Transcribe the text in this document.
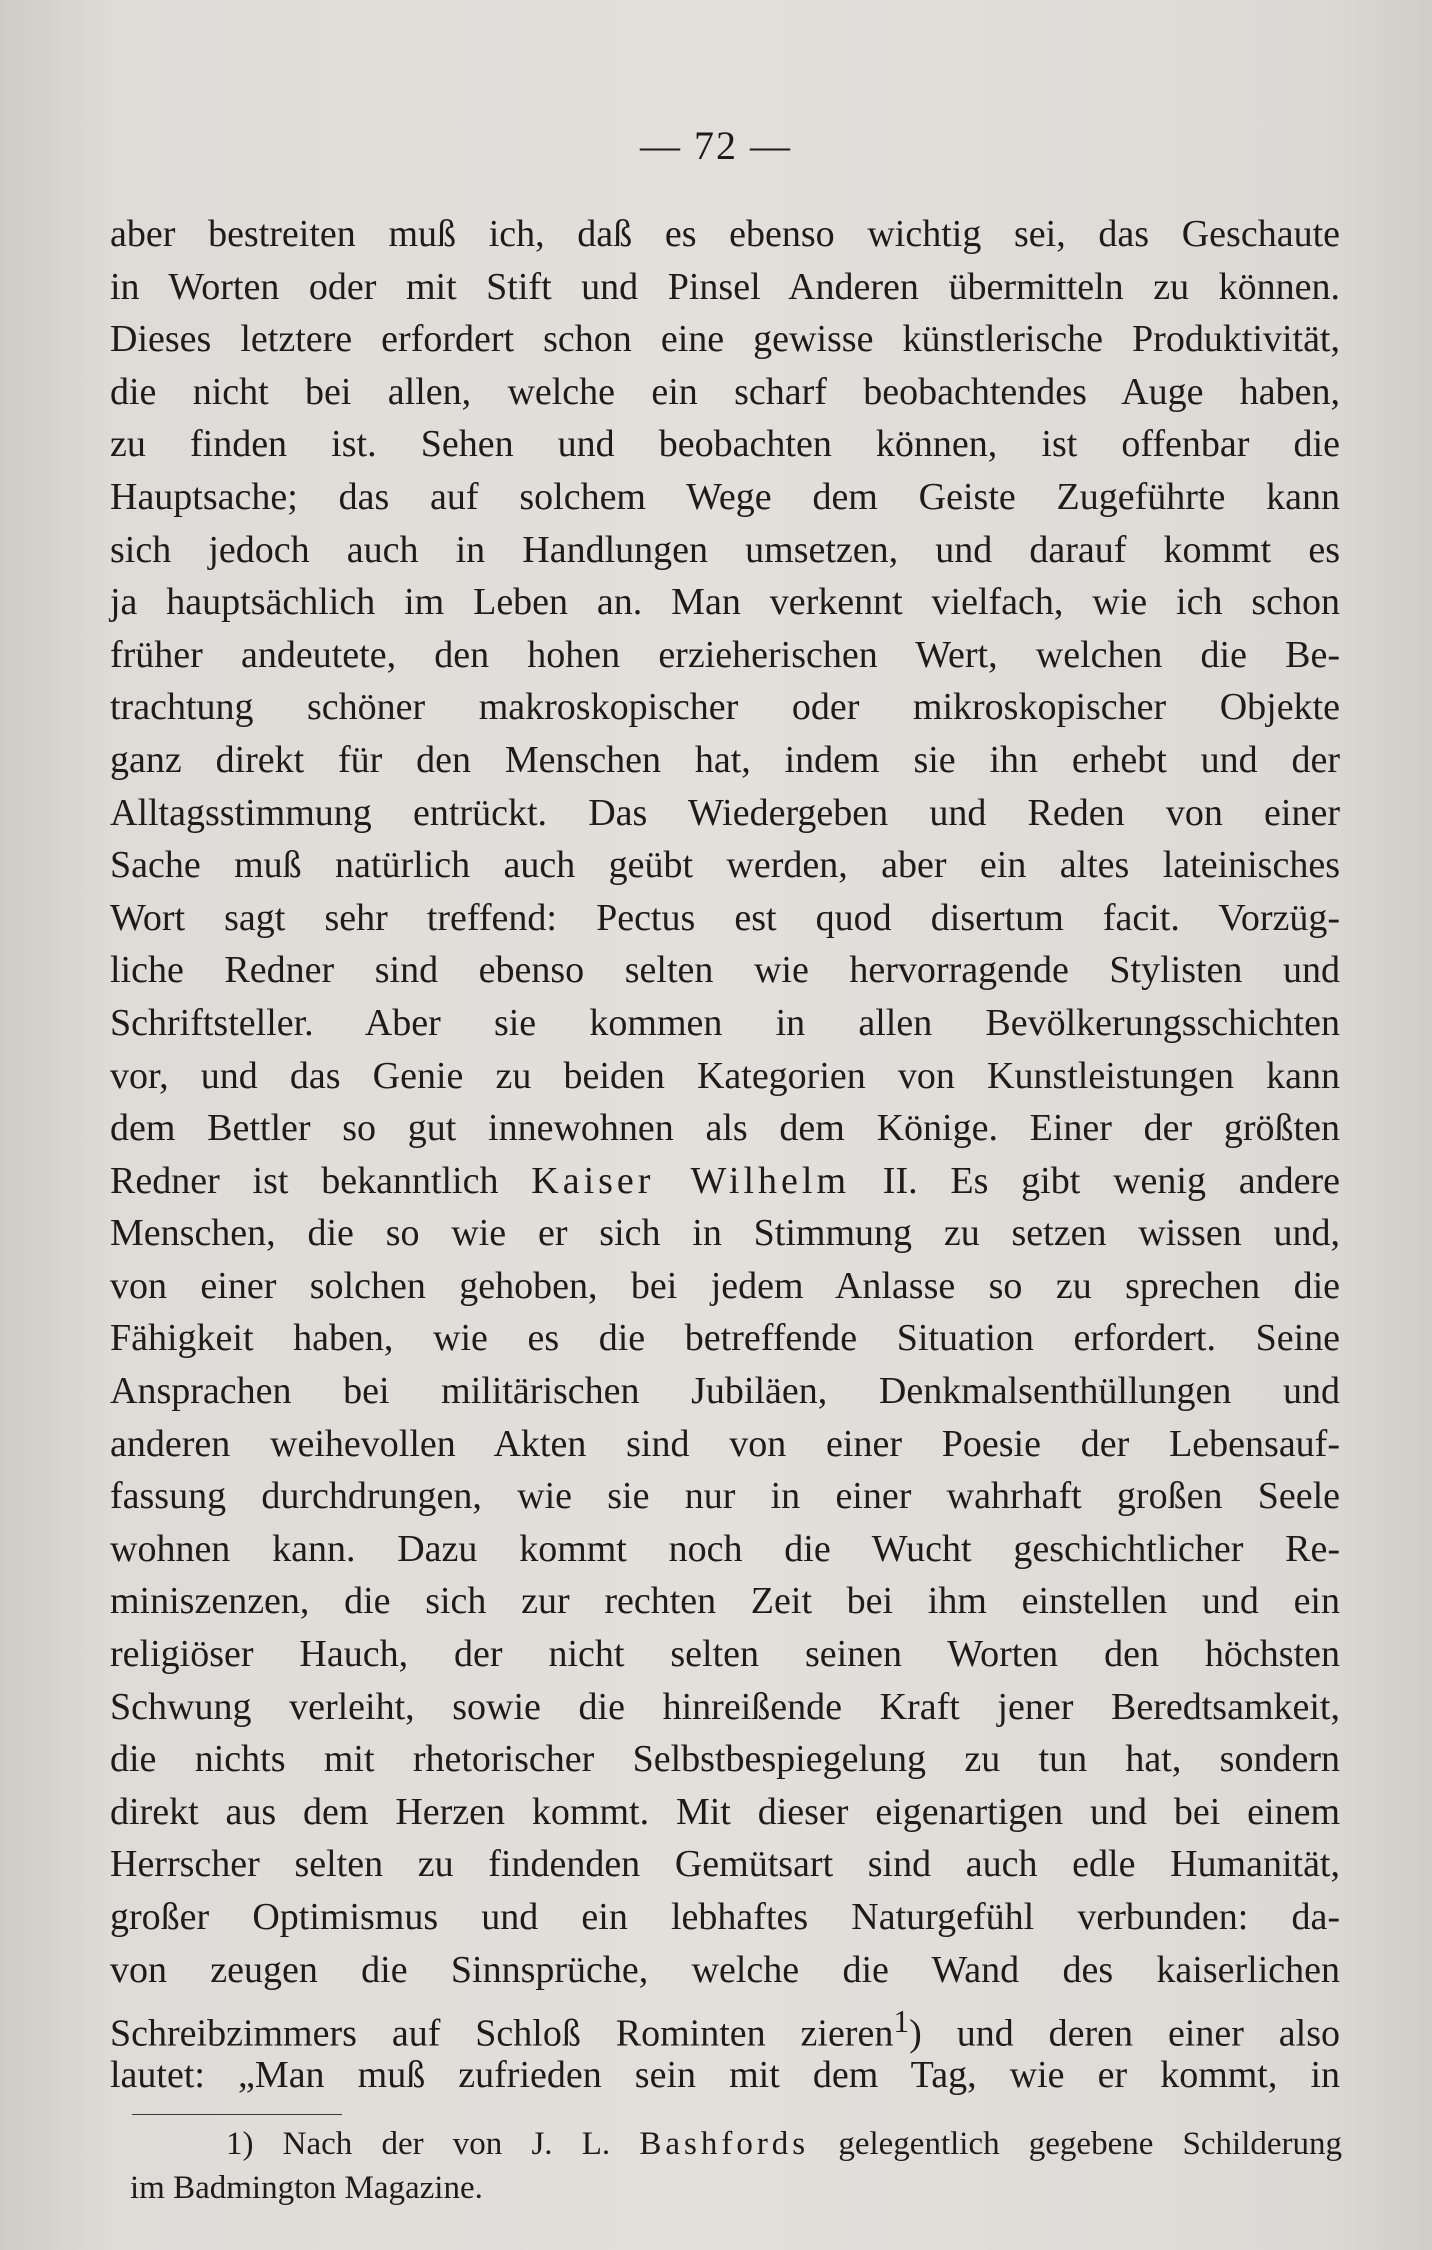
— 72 —
aber bestreiten muß ich, daß es ebenso wichtig sei, das Geschaute
in Worten oder mit Stift und Pinsel Anderen übermitteln zu können.
Dieses letztere erfordert schon eine gewisse künstlerische Produktivität,
die nicht bei allen, welche ein scharf beobachtendes Auge haben,
zu finden ist. Sehen und beobachten können, ist offenbar die
Hauptsache; das auf solchem Wege dem Geiste Zugeführte kann
sich jedoch auch in Handlungen umsetzen, und darauf kommt es
ja hauptsächlich im Leben an. Man verkennt vielfach, wie ich schon
früher andeutete, den hohen erzieherischen Wert, welchen die Be-
trachtung schöner makroskopischer oder mikroskopischer Objekte
ganz direkt für den Menschen hat, indem sie ihn erhebt und der
Alltagsstimmung entrückt. Das Wiedergeben und Reden von einer
Sache muß natürlich auch geübt werden, aber ein altes lateinisches
Wort sagt sehr treffend: Pectus est quod disertum facit. Vorzüg-
liche Redner sind ebenso selten wie hervorragende Stylisten und
Schriftsteller. Aber sie kommen in allen Bevölkerungsschichten
vor, und das Genie zu beiden Kategorien von Kunstleistungen kann
dem Bettler so gut innewohnen als dem Könige. Einer der größten
Redner ist bekanntlich Kaiser Wilhelm II. Es gibt wenig andere
Menschen, die so wie er sich in Stimmung zu setzen wissen und,
von einer solchen gehoben, bei jedem Anlasse so zu sprechen die
Fähigkeit haben, wie es die betreffende Situation erfordert. Seine
Ansprachen bei militärischen Jubiläen, Denkmalsenthüllungen und
anderen weihevollen Akten sind von einer Poesie der Lebensauf-
fassung durchdrungen, wie sie nur in einer wahrhaft großen Seele
wohnen kann. Dazu kommt noch die Wucht geschichtlicher Re-
miniszenzen, die sich zur rechten Zeit bei ihm einstellen und ein
religiöser Hauch, der nicht selten seinen Worten den höchsten
Schwung verleiht, sowie die hinreißende Kraft jener Beredtsamkeit,
die nichts mit rhetorischer Selbstbespiegelung zu tun hat, sondern
direkt aus dem Herzen kommt. Mit dieser eigenartigen und bei einem
Herrscher selten zu findenden Gemütsart sind auch edle Humanität,
großer Optimismus und ein lebhaftes Naturgefühl verbunden: da-
von zeugen die Sinnsprüche, welche die Wand des kaiserlichen
Schreibzimmers auf Schloß Rominten zieren$^1$) und deren einer also
lautet: „Man muß zufrieden sein mit dem Tag, wie er kommt, in
1) Nach der von J. L. Bashfords gelegentlich gegebene Schilderung
im Badmington Magazine.
